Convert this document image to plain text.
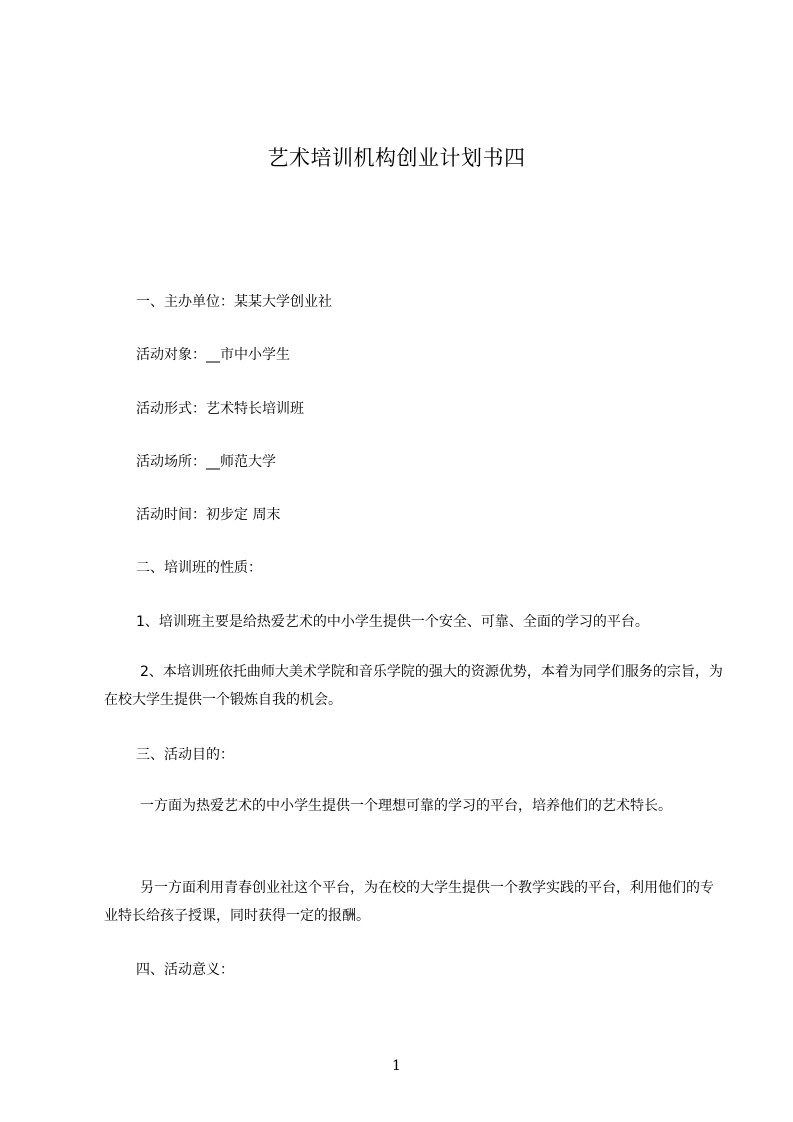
艺术培训机构创业计划书四
一、主办单位：某某大学创业社
活动对象：__市中小学生
活动形式：艺术特长培训班
活动场所：__师范大学
活动时间：初步定 周末
二、培训班的性质：
1、培训班主要是给热爱艺术的中小学生提供一个安全、可靠、全面的学习的平台。
2、本培训班依托曲师大美术学院和音乐学院的强大的资源优势，本着为同学们服务的宗旨，为在校大学生提供一个锻炼自我的机会。
三、活动目的：
一方面为热爱艺术的中小学生提供一个理想可靠的学习的平台，培养他们的艺术特长。
另一方面利用青春创业社这个平台，为在校的大学生提供一个教学实践的平台，利用他们的专业特长给孩子授课，同时获得一定的报酬。
四、活动意义：
1
